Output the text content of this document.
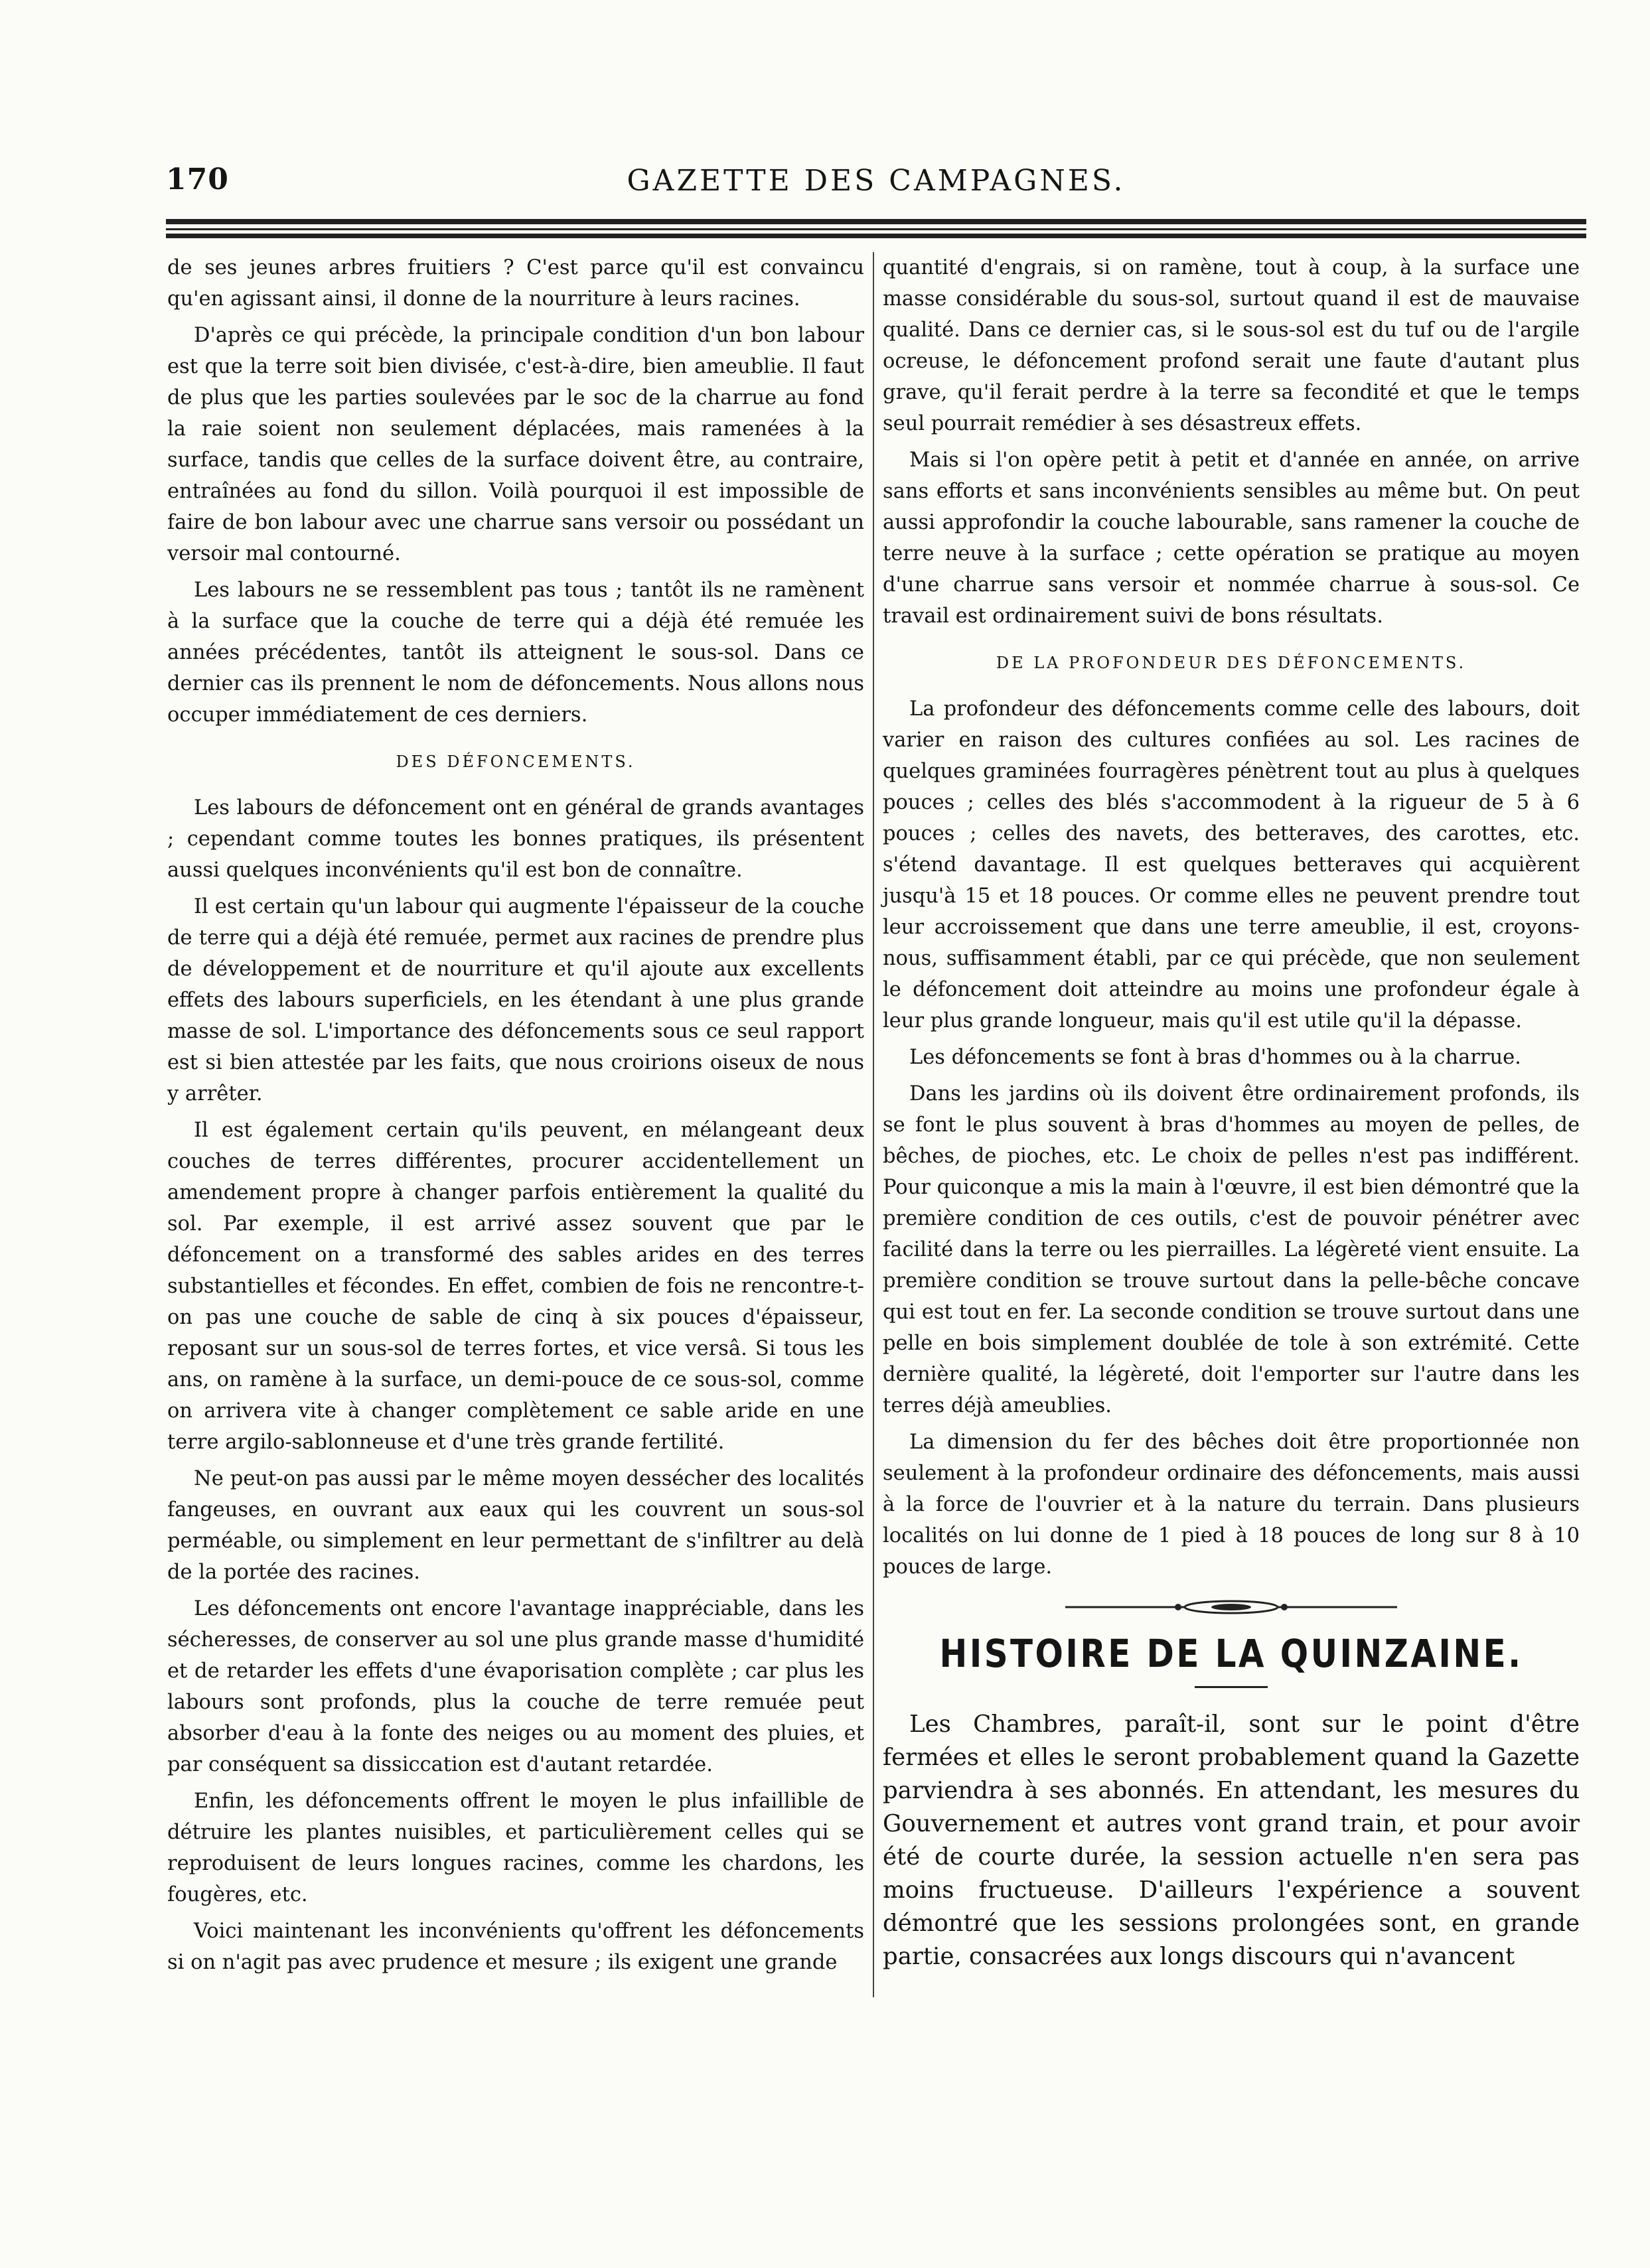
170	GAZETTE DES CAMPAGNES.

de ses jeunes arbres fruitiers ? C'est parce qu'il est convaincu qu'en agissant ainsi, il donne de la nourriture à leurs racines.

D'après ce qui précède, la principale condition d'un bon labour est que la terre soit bien divisée, c'est-à-dire, bien ameublie. Il faut de plus que les parties soulevées par le soc de la charrue au fond la raie soient non seulement déplacées, mais ramenées à la surface, tandis que celles de la surface doivent être, au contraire, entraînées au fond du sillon. Voilà pourquoi il est impossible de faire de bon labour avec une charrue sans versoir ou possédant un versoir mal contourné.

Les labours ne se ressemblent pas tous ; tantôt ils ne ramènent à la surface que la couche de terre qui a déjà été remuée les années précédentes, tantôt ils atteignent le sous-sol. Dans ce dernier cas ils prennent le nom de défoncements. Nous allons nous occuper immédiatement de ces derniers.

DES DÉFONCEMENTS.

Les labours de défoncement ont en général de grands avantages ; cependant comme toutes les bonnes pratiques, ils présentent aussi quelques inconvénients qu'il est bon de connaître.

Il est certain qu'un labour qui augmente l'épaisseur de la couche de terre qui a déjà été remuée, permet aux racines de prendre plus de développement et de nourriture et qu'il ajoute aux excellents effets des labours superficiels, en les étendant à une plus grande masse de sol. L'importance des défoncements sous ce seul rapport est si bien attestée par les faits, que nous croirions oiseux de nous y arrêter.

Il est également certain qu'ils peuvent, en mélangeant deux couches de terres différentes, procurer accidentellement un amendement propre à changer parfois entièrement la qualité du sol. Par exemple, il est arrivé assez souvent que par le défoncement on a transformé des sables arides en des terres substantielles et fécondes. En effet, combien de fois ne rencontre-t-on pas une couche de sable de cinq à six pouces d'épaisseur, reposant sur un sous-sol de terres fortes, et vice versâ. Si tous les ans, on ramène à la surface, un demi-pouce de ce sous-sol, comme on arrivera vite à changer complètement ce sable aride en une terre argilo-sablonneuse et d'une très grande fertilité.

Ne peut-on pas aussi par le même moyen dessécher des localités fangeuses, en ouvrant aux eaux qui les couvrent un sous-sol perméable, ou simplement en leur permettant de s'infiltrer au delà de la portée des racines.

Les défoncements ont encore l'avantage inappréciable, dans les sécheresses, de conserver au sol une plus grande masse d'humidité et de retarder les effets d'une évaporisation complète ; car plus les labours sont profonds, plus la couche de terre remuée peut absorber d'eau à la fonte des neiges ou au moment des pluies, et par conséquent sa dissiccation est d'autant retardée.

Enfin, les défoncements offrent le moyen le plus infaillible de détruire les plantes nuisibles, et particulièrement celles qui se reproduisent de leurs longues racines, comme les chardons, les fougères, etc.

Voici maintenant les inconvénients qu'offrent les défoncements si on n'agit pas avec prudence et mesure ; ils exigent une grande

quantité d'engrais, si on ramène, tout à coup, à la surface une masse considérable du sous-sol, surtout quand il est de mauvaise qualité. Dans ce dernier cas, si le sous-sol est du tuf ou de l'argile ocreuse, le défoncement profond serait une faute d'autant plus grave, qu'il ferait perdre à la terre sa fecondité et que le temps seul pourrait remédier à ses désastreux effets.

Mais si l'on opère petit à petit et d'année en année, on arrive sans efforts et sans inconvénients sensibles au même but. On peut aussi approfondir la couche labourable, sans ramener la couche de terre neuve à la surface ; cette opération se pratique au moyen d'une charrue sans versoir et nommée charrue à sous-sol. Ce travail est ordinairement suivi de bons résultats.

DE LA PROFONDEUR DES DÉFONCEMENTS.

La profondeur des défoncements comme celle des labours, doit varier en raison des cultures confiées au sol. Les racines de quelques graminées fourragères pénètrent tout au plus à quelques pouces ; celles des blés s'accommodent à la rigueur de 5 à 6 pouces ; celles des navets, des betteraves, des carottes, etc. s'étend davantage. Il est quelques betteraves qui acquièrent jusqu'à 15 et 18 pouces. Or comme elles ne peuvent prendre tout leur accroissement que dans une terre ameublie, il est, croyons-nous, suffisamment établi, par ce qui précède, que non seulement le défoncement doit atteindre au moins une profondeur égale à leur plus grande longueur, mais qu'il est utile qu'il la dépasse.

Les défoncements se font à bras d'hommes ou à la charrue.

Dans les jardins où ils doivent être ordinairement profonds, ils se font le plus souvent à bras d'hommes au moyen de pelles, de bêches, de pioches, etc. Le choix de pelles n'est pas indifférent. Pour quiconque a mis la main à l'œuvre, il est bien démontré que la première condition de ces outils, c'est de pouvoir pénétrer avec facilité dans la terre ou les pierrailles. La légèreté vient ensuite. La première condition se trouve surtout dans la pelle-bêche concave qui est tout en fer. La seconde condition se trouve surtout dans une pelle en bois simplement doublée de tole à son extrémité. Cette dernière qualité, la légèreté, doit l'emporter sur l'autre dans les terres déjà ameublies.

La dimension du fer des bêches doit être proportionnée non seulement à la profondeur ordinaire des défoncements, mais aussi à la force de l'ouvrier et à la nature du terrain. Dans plusieurs localités on lui donne de 1 pied à 18 pouces de long sur 8 à 10 pouces de large.

HISTOIRE DE LA QUINZAINE.

Les Chambres, paraît-il, sont sur le point d'être fermées et elles le seront probablement quand la Gazette parviendra à ses abonnés. En attendant, les mesures du Gouvernement et autres vont grand train, et pour avoir été de courte durée, la session actuelle n'en sera pas moins fructueuse. D'ailleurs l'expérience a souvent démontré que les sessions prolongées sont, en grande partie, consacrées aux longs discours qui n'avancent
